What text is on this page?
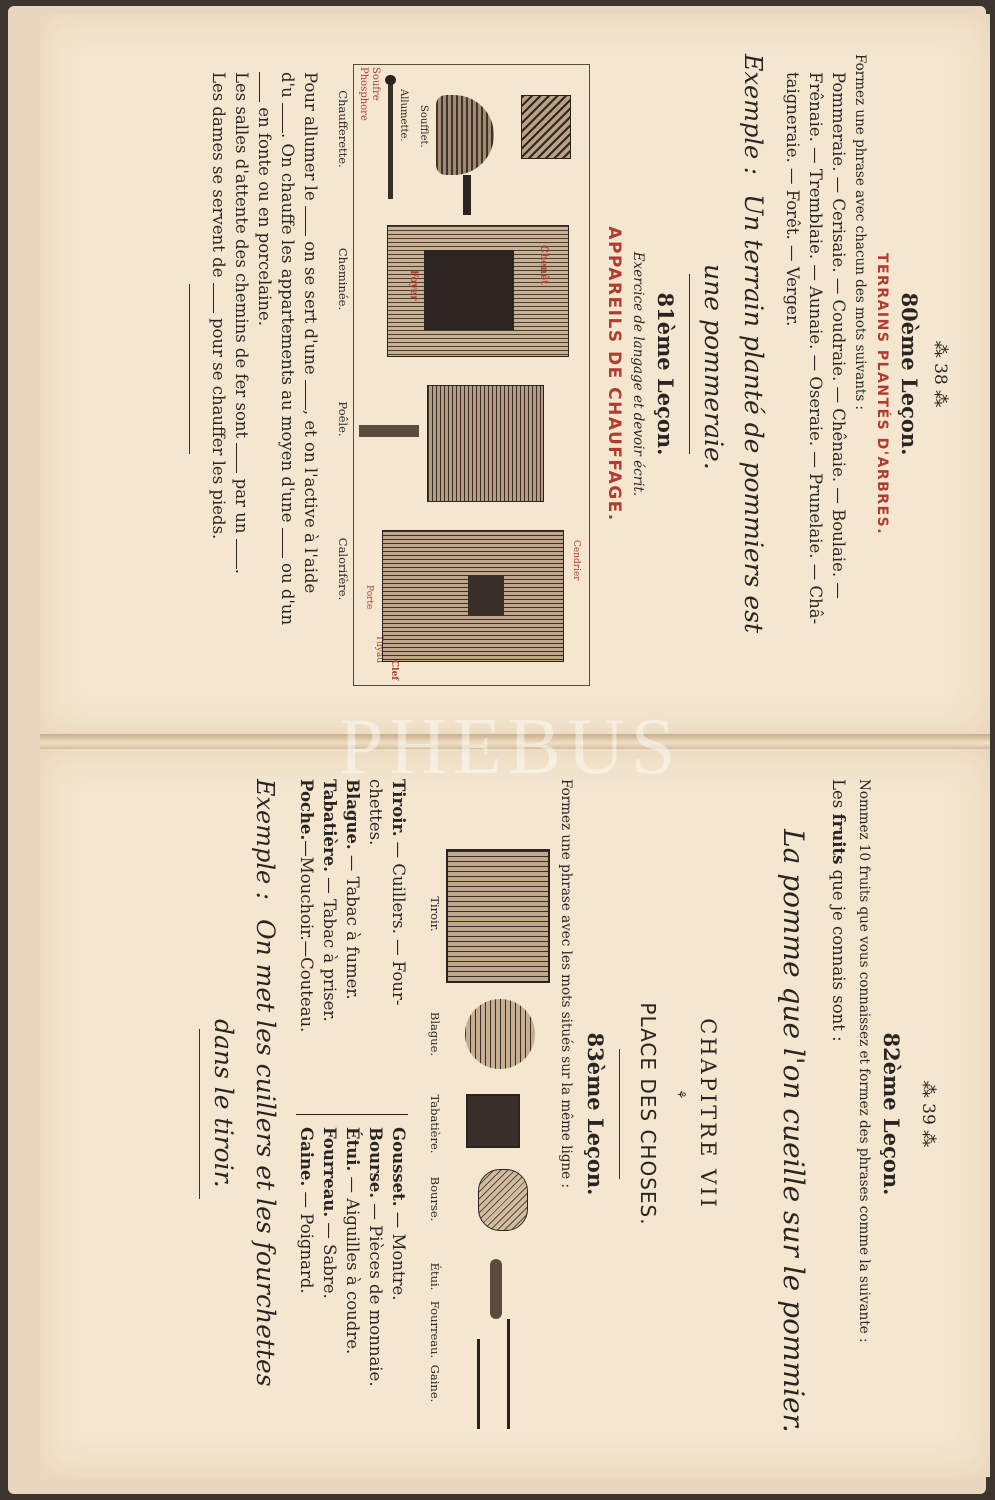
⁂ 38 ⁂
80ème Leçon.
TERRAINS PLANTÉS D'ARBRES.
Formez une phrase avec chacun des mots suivants :
Pommeraie. — Cerisaie. — Coudraie. — Chênaie. — Boulaie. —
Frênaie. — Tremblaie. — Aunaie. — Oseraie. — Prunelaie. — Châ-
taigneraie. — Forêt. — Verger.
Exemple : Un terrain planté de pommiers est
une pommeraie.
81ème Leçon.
Exercice de langage et devoir écrit.
APPAREILS DE CHAUFFAGE.
Soufre
Phosphore	Allumette. Soufflet.
Foyer
Chenêt
Tuyau
Clef
Porte
Cendrier
Chaufferette.
Cheminée.
Poêle.
Calorifère.
Pour allumer le  on se sert d'une , et on l'active à l'aide
d'u . On chauffe les appartements au moyen d'une  ou d'un
en fonte ou en porcelaine.
Les salles d'attente des chemins de fer sont  par un .
Les dames se servent de  pour se chauffer les pieds.
⁂ 39 ⁂
82ème Leçon.
Nommez 10 fruits que vous connaissez et formez des phrases comme la suivante :
Les fruits que je connais sont :
La pomme que l'on cueille sur le pommier.
CHAPITRE VII
⚘
PLACE DES CHOSES.
83ème Leçon.
Formez une phrase avec les mots situés sur la même ligne :
Tiroir.
Blague.
Tabatière.
Bourse.
Étui.
Fourreau.
Gaine.
Tiroir. — Cuillers. — Four-
chettes.
Blague. — Tabac à fumer.
Tabatière. — Tabac à priser.
Poche.—Mouchoir.—Couteau.
Gousset. — Montre.
Bourse. — Pièces de monnaie.
Étui. — Aiguilles à coudre.
Fourreau. — Sabre.
Gaine. — Poignard.
Exemple : On met les cuillers et les fourchettes
dans le tiroir.
PHEBUS
